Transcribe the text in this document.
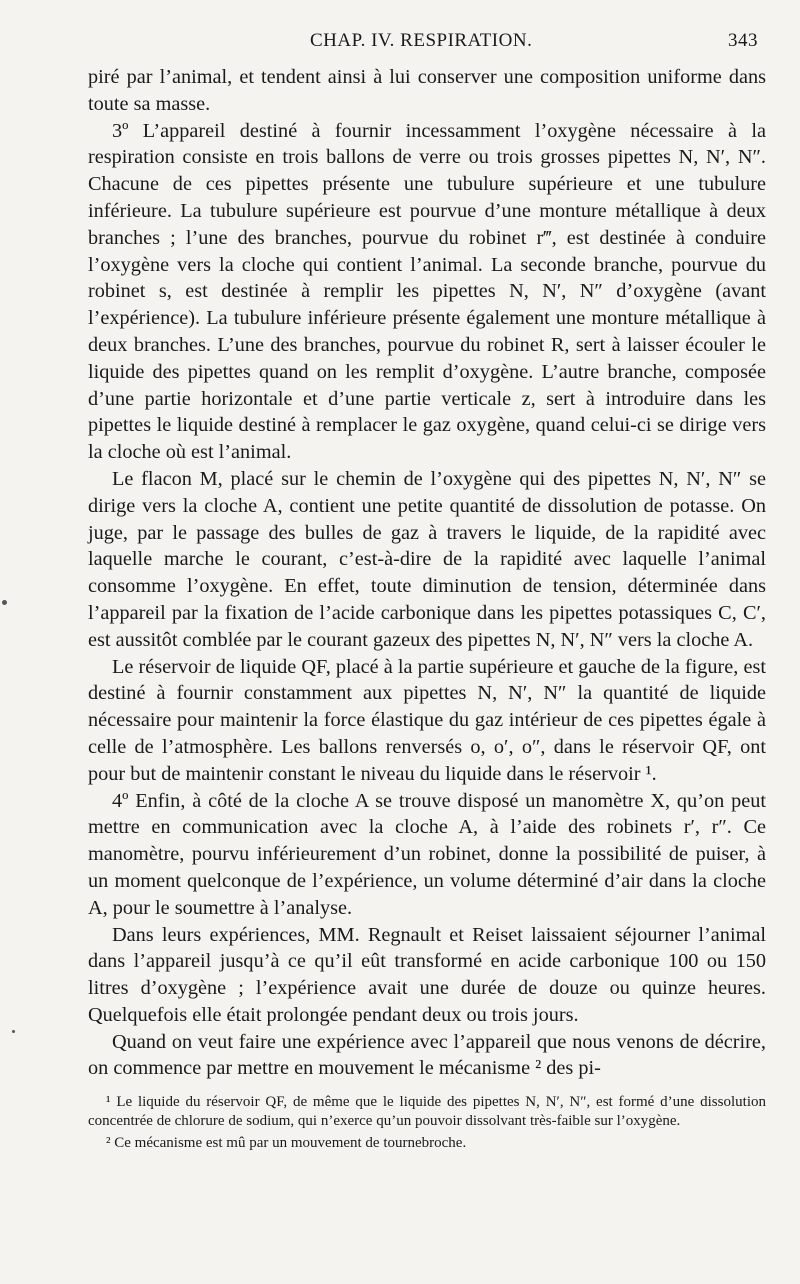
CHAP. IV. RESPIRATION.	343

piré par l’animal, et tendent ainsi à lui conserver une composition uniforme dans toute sa masse.

3º L’appareil destiné à fournir incessamment l’oxygène nécessaire à la respiration consiste en trois ballons de verre ou trois grosses pipettes N, N′, N″. Chacune de ces pipettes présente une tubulure supérieure et une tubulure inférieure. La tubulure supérieure est pourvue d’une monture métallique à deux branches ; l’une des branches, pourvue du robinet r‴, est destinée à conduire l’oxygène vers la cloche qui contient l’animal. La seconde branche, pourvue du robinet s, est destinée à remplir les pipettes N, N′, N″ d’oxygène (avant l’expérience). La tubulure inférieure présente également une monture métallique à deux branches. L’une des branches, pourvue du robinet R, sert à laisser écouler le liquide des pipettes quand on les remplit d’oxygène. L’autre branche, composée d’une partie horizontale et d’une partie verticale z, sert à introduire dans les pipettes le liquide destiné à remplacer le gaz oxygène, quand celui-ci se dirige vers la cloche où est l’animal.

Le flacon M, placé sur le chemin de l’oxygène qui des pipettes N, N′, N″ se dirige vers la cloche A, contient une petite quantité de dissolution de potasse. On juge, par le passage des bulles de gaz à travers le liquide, de la rapidité avec laquelle marche le courant, c’est-à-dire de la rapidité avec laquelle l’animal consomme l’oxygène. En effet, toute diminution de tension, déterminée dans l’appareil par la fixation de l’acide carbonique dans les pipettes potassiques C, C′, est aussitôt comblée par le courant gazeux des pipettes N, N′, N″ vers la cloche A.

Le réservoir de liquide QF, placé à la partie supérieure et gauche de la figure, est destiné à fournir constamment aux pipettes N, N′, N″ la quantité de liquide nécessaire pour maintenir la force élastique du gaz intérieur de ces pipettes égale à celle de l’atmosphère. Les ballons renversés o, o′, o″, dans le réservoir QF, ont pour but de maintenir constant le niveau du liquide dans le réservoir ¹.

4º Enfin, à côté de la cloche A se trouve disposé un manomètre X, qu’on peut mettre en communication avec la cloche A, à l’aide des robinets r′, r″. Ce manomètre, pourvu inférieurement d’un robinet, donne la possibilité de puiser, à un moment quelconque de l’expérience, un volume déterminé d’air dans la cloche A, pour le soumettre à l’analyse.

Dans leurs expériences, MM. Regnault et Reiset laissaient séjourner l’animal dans l’appareil jusqu’à ce qu’il eût transformé en acide carbonique 100 ou 150 litres d’oxygène ; l’expérience avait une durée de douze ou quinze heures. Quelquefois elle était prolongée pendant deux ou trois jours.

Quand on veut faire une expérience avec l’appareil que nous venons de décrire, on commence par mettre en mouvement le mécanisme ² des pi-

¹ Le liquide du réservoir QF, de même que le liquide des pipettes N, N′, N″, est formé d’une dissolution concentrée de chlorure de sodium, qui n’exerce qu’un pouvoir dissolvant très-faible sur l’oxygène.

² Ce mécanisme est mû par un mouvement de tournebroche.
